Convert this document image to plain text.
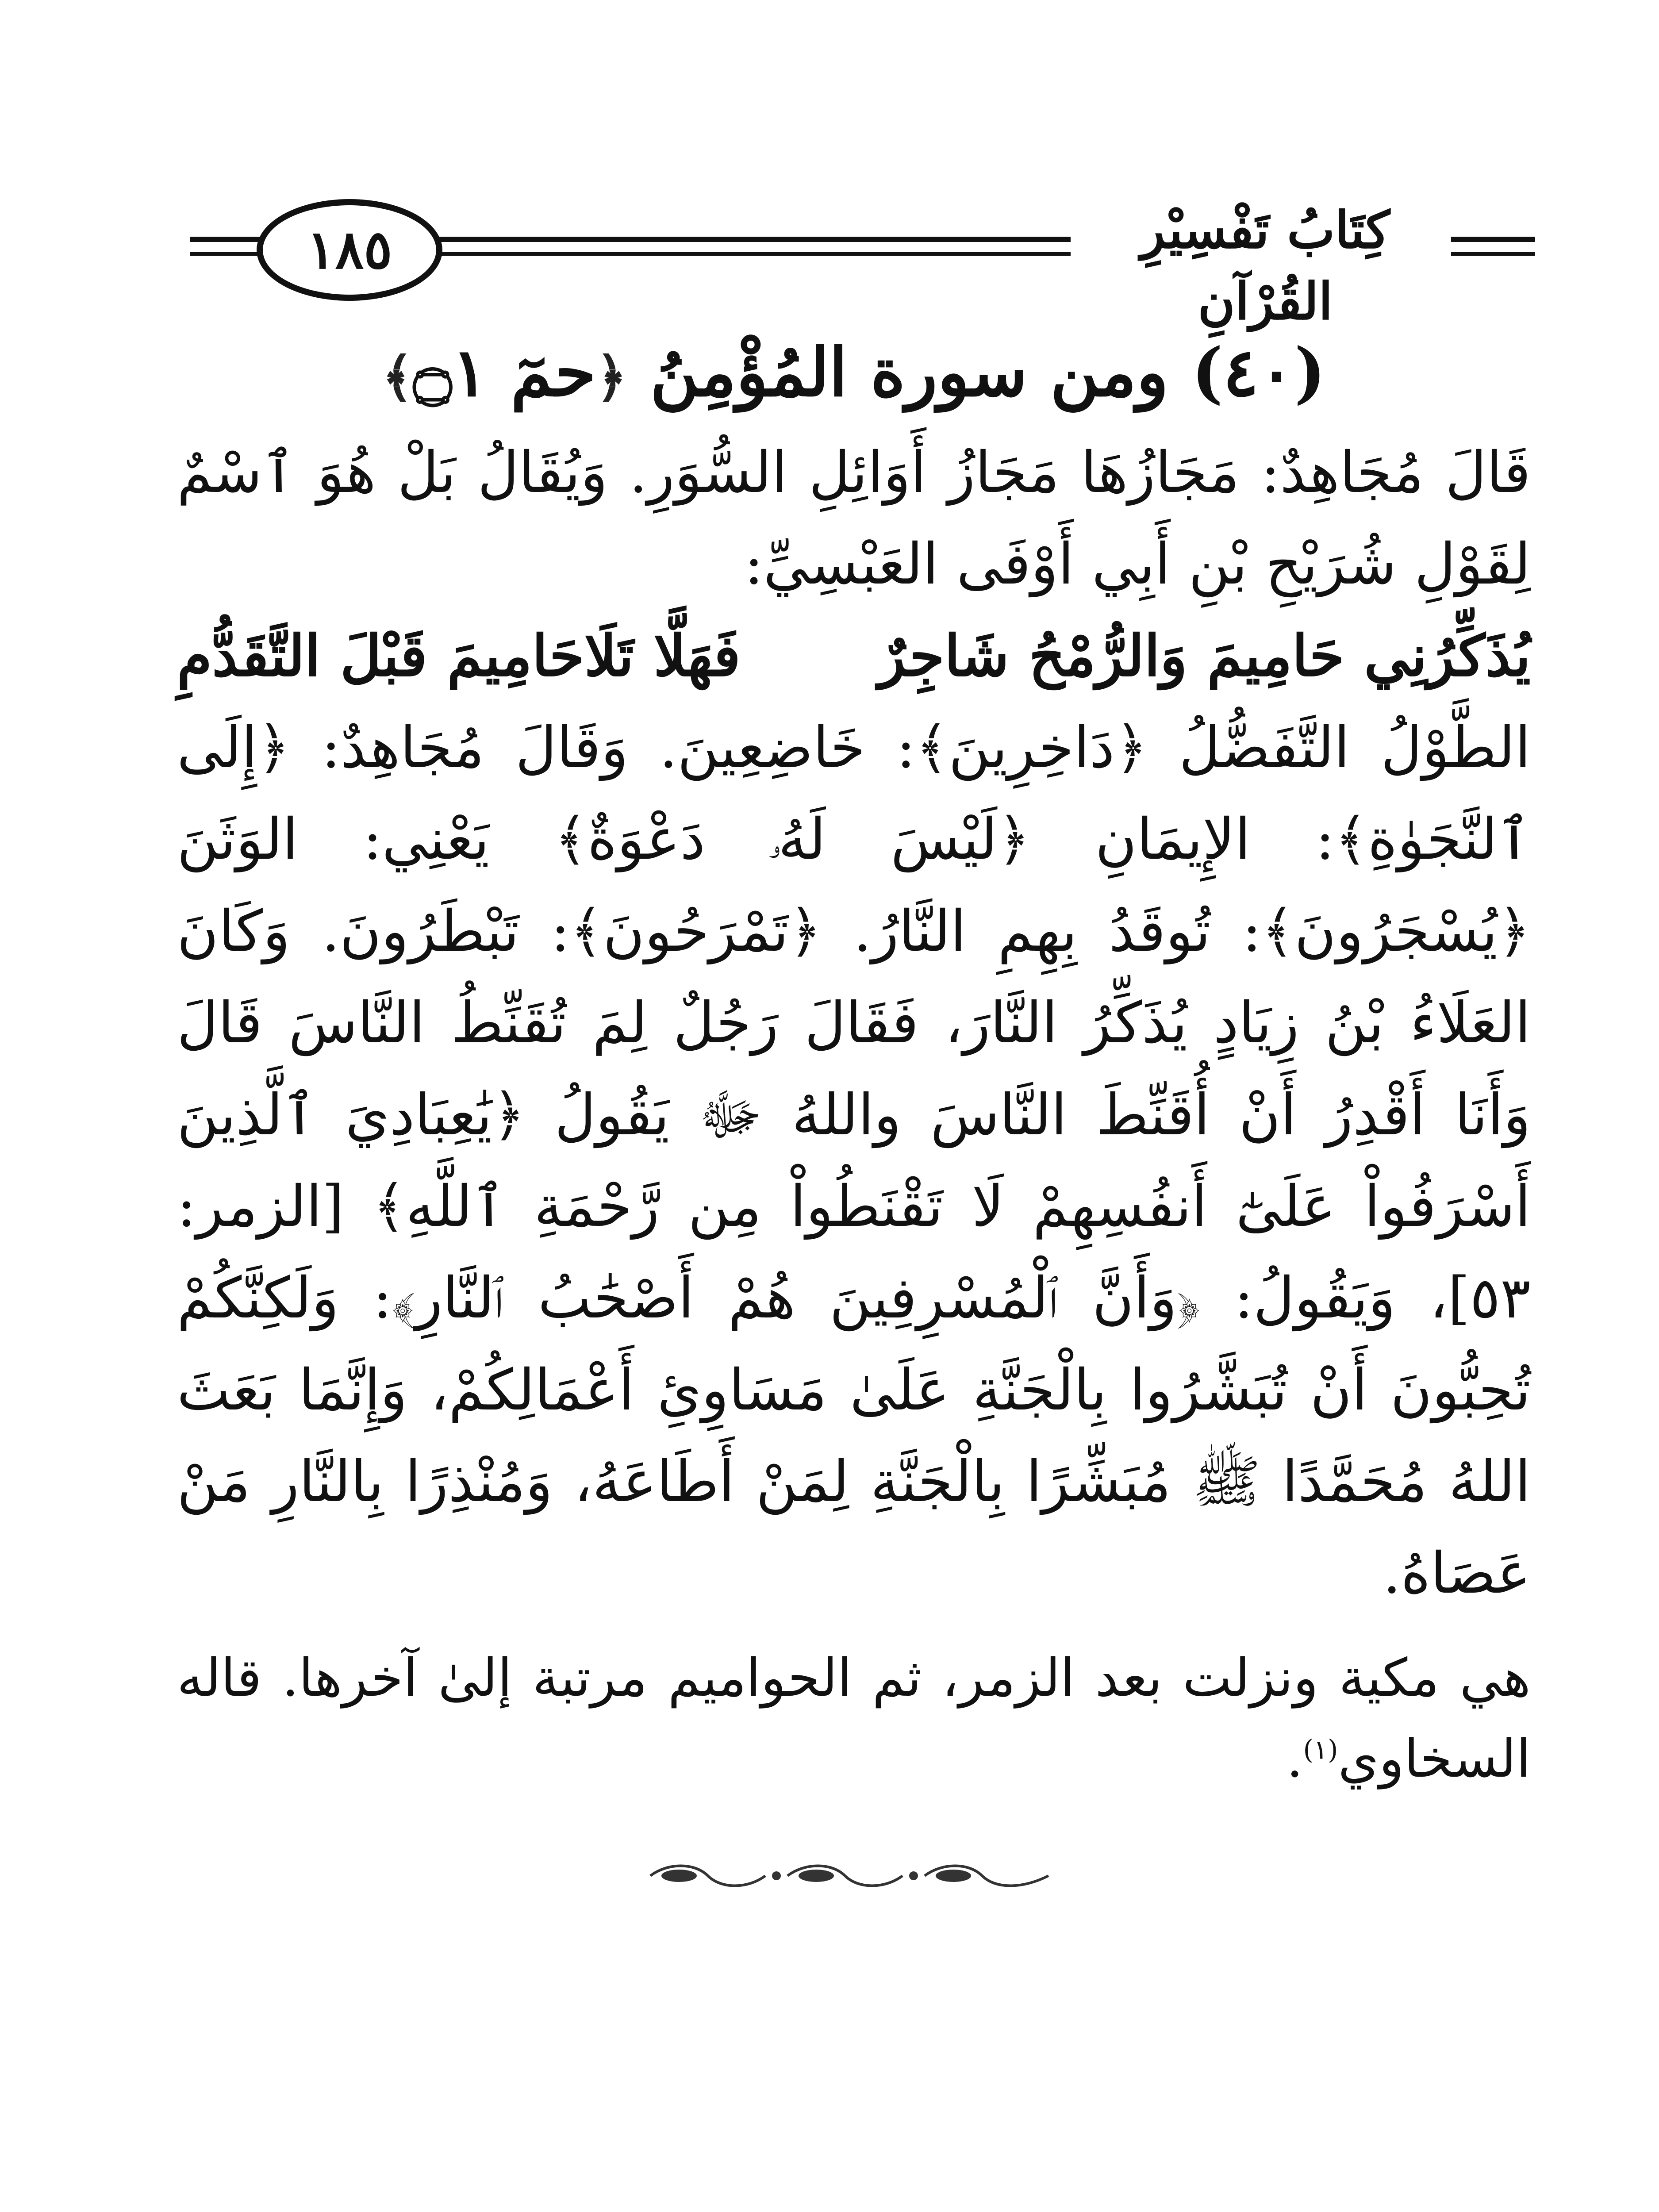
١٨٥	كِتَابُ تَفْسِيْرِ القُرْآنِ
(٤٠) ومن سورة المُؤْمِنُ ﴿حمٓ ۝١﴾

قَالَ مُجَاهِدٌ: مَجَازُهَا مَجَازُ أَوَائِلِ السُّوَرِ. وَيُقَالُ بَلْ هُوَ ٱسْمٌ لِقَوْلِ شُرَيْحِ بْنِ أَبِي أَوْفَى العَبْسِيِّ:

يُذَكِّرُنِي حَامِيمَ وَالرُّمْحُ شَاجِرٌ
فَهَلَّا تَلَاحَامِيمَ قَبْلَ التَّقَدُّمِ

الطَّوْلُ التَّفَضُّلُ ﴿دَاخِرِينَ﴾: خَاضِعِينَ. وَقَالَ مُجَاهِدٌ: ﴿إِلَى ٱلنَّجَوٰةِ﴾: الإِيمَانِ ﴿لَيْسَ لَهُۥ دَعْوَةٌ﴾ يَعْنِي: الوَثَنَ ﴿يُسْجَرُونَ﴾: تُوقَدُ بِهِمِ النَّارُ. ﴿تَمْرَحُونَ﴾: تَبْطَرُونَ. وَكَانَ العَلَاءُ بْنُ زِيَادٍ يُذَكِّرُ النَّارَ، فَقَالَ رَجُلٌ لِمَ تُقَنِّطُ النَّاسَ قَالَ وَأَنَا أَقْدِرُ أَنْ أُقَنِّطَ النَّاسَ واللهُ ﷻ يَقُولُ ﴿يَٰعِبَادِيَ ٱلَّذِينَ أَسْرَفُواْ عَلَىٰٓ أَنفُسِهِمْ لَا تَقْنَطُواْ مِن رَّحْمَةِ ٱللَّهِ﴾ [الزمر: ٥٣]، وَيَقُولُ: ﴿وَأَنَّ ٱلْمُسْرِفِينَ هُمْ أَصْحَٰبُ ٱلنَّارِ﴾: وَلَكِنَّكُمْ تُحِبُّونَ أَنْ تُبَشَّرُوا بِالْجَنَّةِ عَلَىٰ مَسَاوِئِ أَعْمَالِكُمْ، وَإِنَّمَا بَعَثَ اللهُ مُحَمَّدًا ﷺ مُبَشِّرًا بِالْجَنَّةِ لِمَنْ أَطَاعَهُ، وَمُنْذِرًا بِالنَّارِ مَنْ عَصَاهُ.

هي مكية ونزلت بعد الزمر، ثم الحواميم مرتبة إلىٰ آخرها. قاله السخاوي$^{(١)}$.
